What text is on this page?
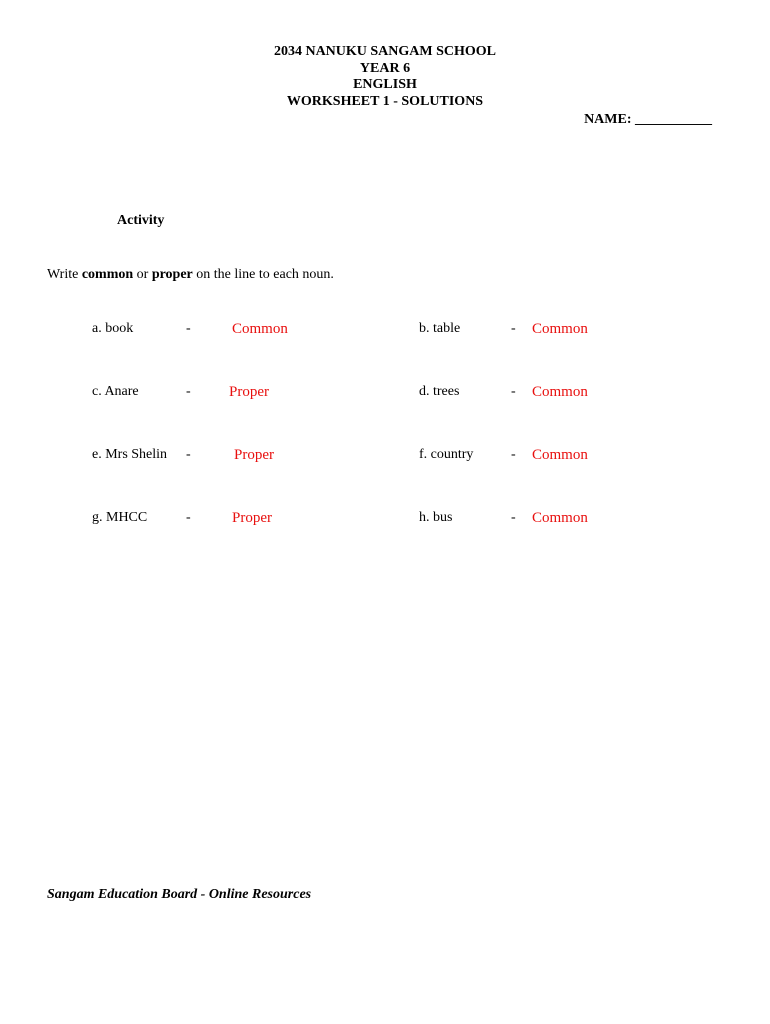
2034 NANUKU SANGAM SCHOOL
YEAR 6
ENGLISH
WORKSHEET 1 - SOLUTIONS
NAME: ___________
Activity
Write common or proper on the line to each noun.
a. book	-	Common	b. table	- Common
c. Anare	-	Proper	d. trees	- Common
e. Mrs Shelin -	Proper	f. country	- Common
g. MHCC	-	Proper	h. bus	- Common
Sangam Education Board - Online Resources
